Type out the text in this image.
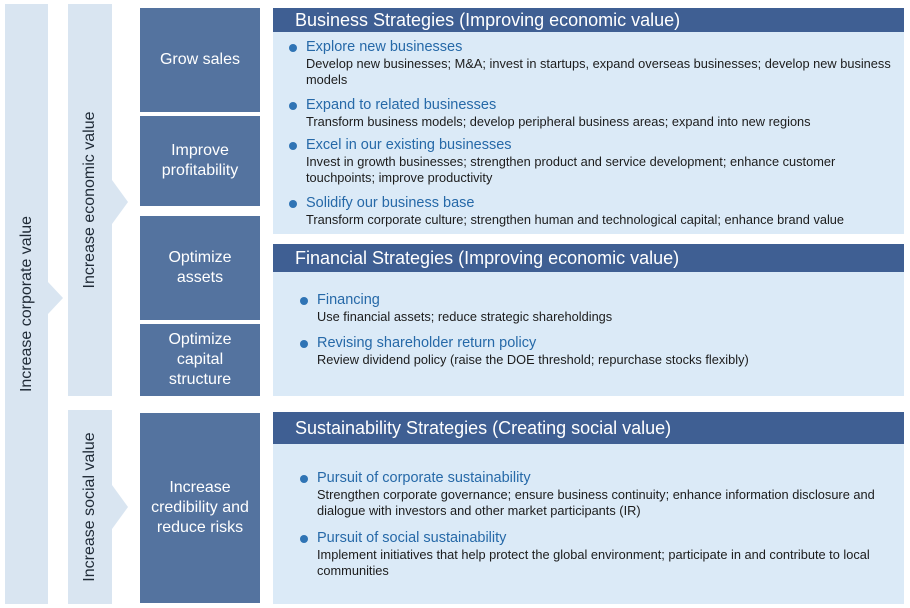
Increase corporate value
Increase economic value
Increase social value
Grow sales
Improve profitability
Optimize assets
Optimize capital structure
Increase credibility and reduce risks
Business Strategies (Improving economic value)
Explore new businesses
Develop new businesses; M&A; invest in startups, expand overseas businesses; develop new business models
Expand to related businesses
Transform business models; develop peripheral business areas; expand into new regions
Excel in our existing businesses
Invest in growth businesses; strengthen product and service development; enhance customer touchpoints; improve productivity
Solidify our business base
Transform corporate culture; strengthen human and technological capital; enhance brand value
Financial Strategies (Improving economic value)
Financing
Use financial assets; reduce strategic shareholdings
Revising shareholder return policy
Review dividend policy (raise the DOE threshold; repurchase stocks flexibly)
Sustainability Strategies (Creating social value)
Pursuit of corporate sustainability
Strengthen corporate governance; ensure business continuity; enhance information disclosure and dialogue with investors and other market participants (IR)
Pursuit of social sustainability
Implement initiatives that help protect the global environment; participate in and contribute to local communities
